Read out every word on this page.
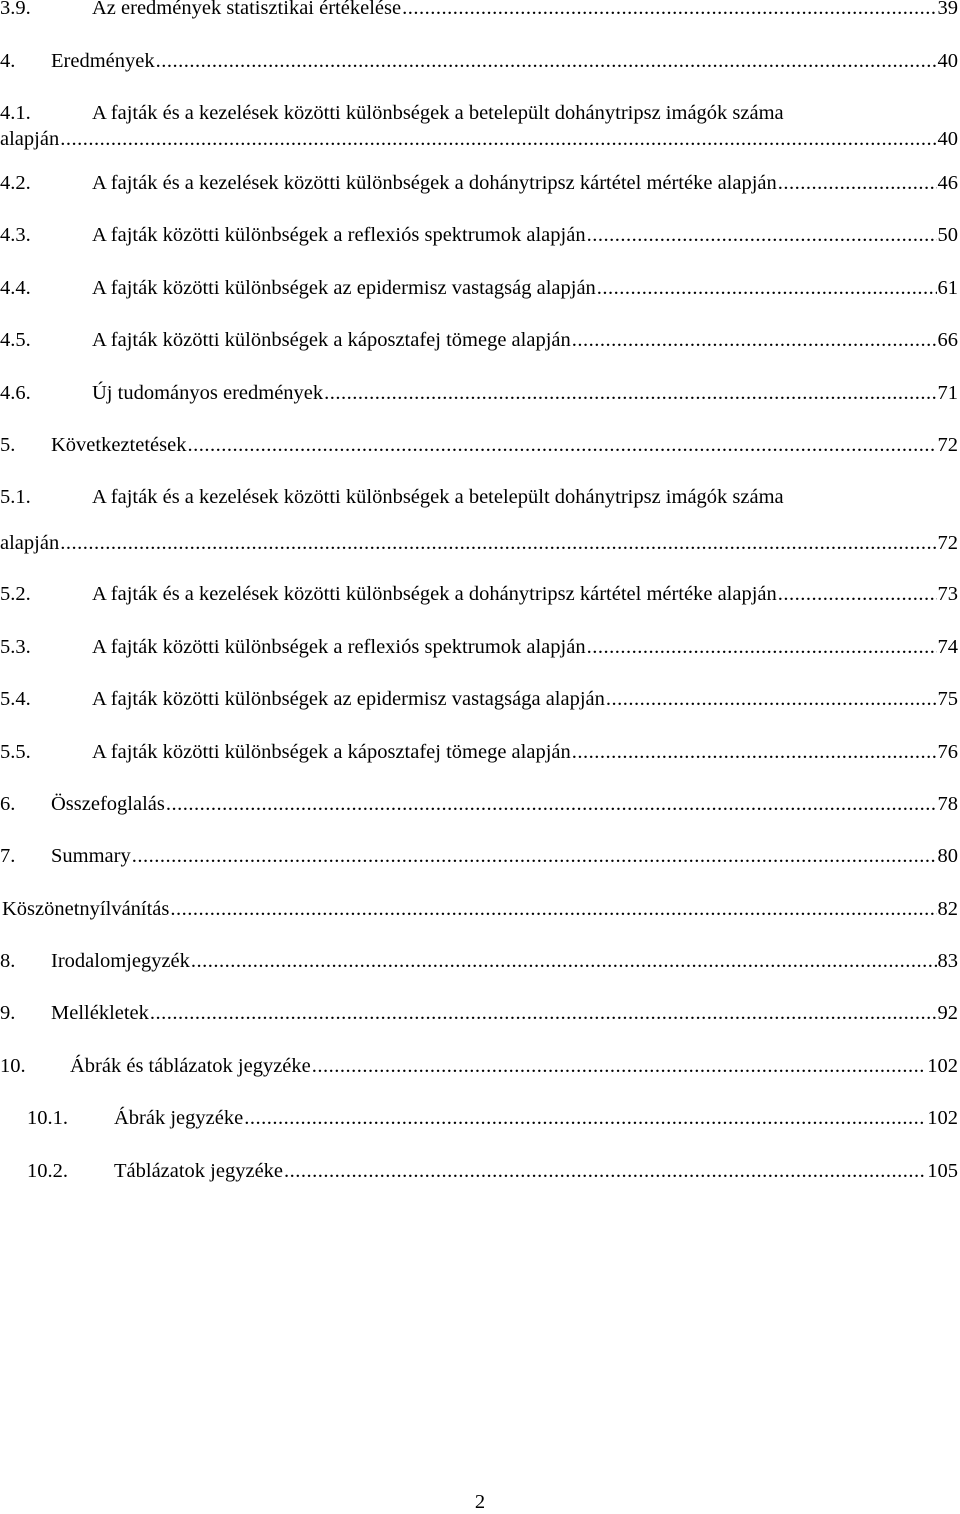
3.9.	Az eredmények statisztikai értékelése .....	39
4.	Eredmények .....	40
4.1.	A fajták és a kezelések közötti különbségek a betelepült dohánytripsz imágók száma
alapján .....	40
4.2.	A fajták és a kezelések közötti különbségek a dohánytripsz kártétel mértéke alapján .....	46
4.3.	A fajták közötti különbségek a reflexiós spektrumok alapján .....	50
4.4.	A fajták közötti különbségek az epidermisz vastagság alapján .....	61
4.5.	A fajták közötti különbségek a káposztafej tömege alapján .....	66
4.6.	Új tudományos eredmények .....	71
5.	Következtetések .....	72
5.1.	A fajták és a kezelések közötti különbségek a betelepült dohánytripsz imágók száma
alapján .....	72
5.2.	A fajták és a kezelések közötti különbségek a dohánytripsz kártétel mértéke alapján .....	73
5.3.	A fajták közötti különbségek a reflexiós spektrumok alapján .....	74
5.4.	A fajták közötti különbségek az epidermisz vastagsága alapján .....	75
5.5.	A fajták közötti különbségek a káposztafej tömege alapján .....	76
6.	Összefoglalás .....	78
7.	Summary .....	80
Köszönetnyílvánítás .....	82
8.	Irodalomjegyzék .....	83
9.	Mellékletek .....	92
10.	Ábrák és táblázatok jegyzéke .....	102
10.1.	Ábrák jegyzéke .....	102
10.2.	Táblázatok jegyzéke .....	105
2
